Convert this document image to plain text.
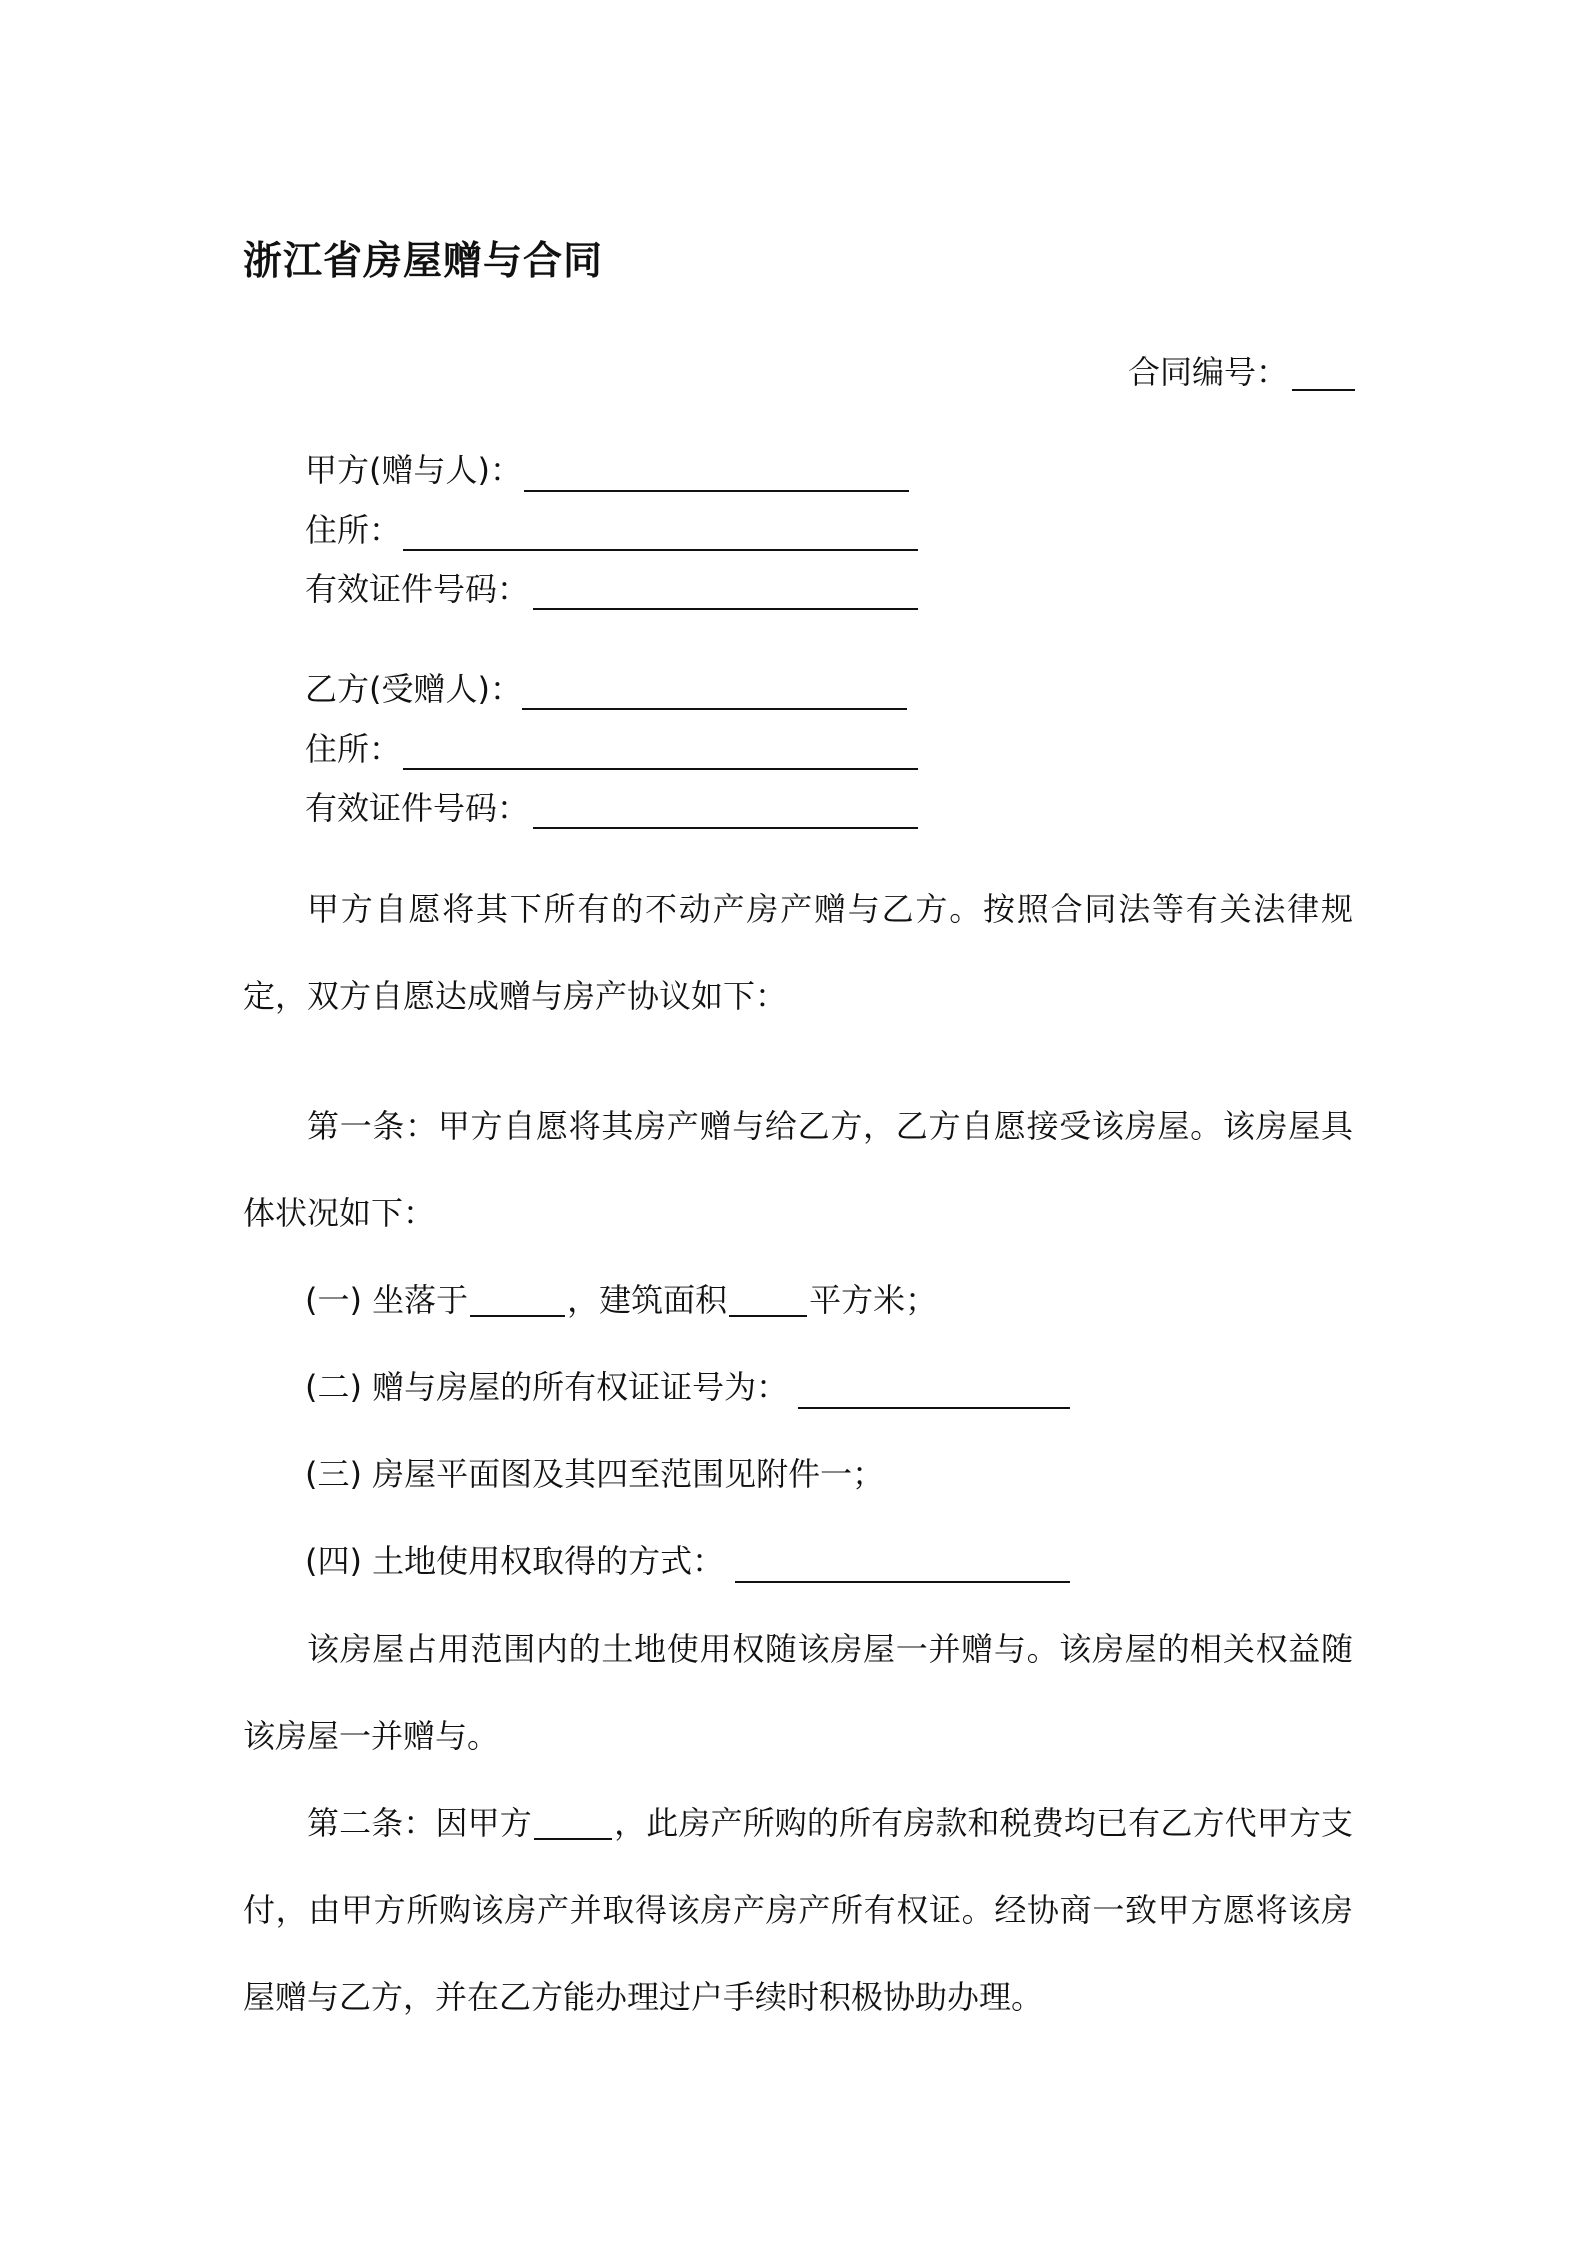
浙江省房屋赠与合同
合同编号：
甲方(赠与人)：
住所：
有效证件号码：
乙方(受赠人)：
住所：
有效证件号码：
甲方自愿将其下所有的不动产房产赠与乙方。按照合同法等有关法律规定，双方自愿达成赠与房产协议如下：
第一条：甲方自愿将其房产赠与给乙方，乙方自愿接受该房屋。该房屋具体状况如下：
(一) 坐落于	，建筑面积	平方米；
(二) 赠与房屋的所有权证证号为：
(三) 房屋平面图及其四至范围见附件一；
(四) 土地使用权取得的方式：
该房屋占用范围内的土地使用权随该房屋一并赠与。该房屋的相关权益随该房屋一并赠与。
第二条：因甲方	，此房产所购的所有房款和税费均已有乙方代甲方支付，由甲方所购该房产并取得该房产房产所有权证。经协商一致甲方愿将该房屋赠与乙方，并在乙方能办理过户手续时积极协助办理。
